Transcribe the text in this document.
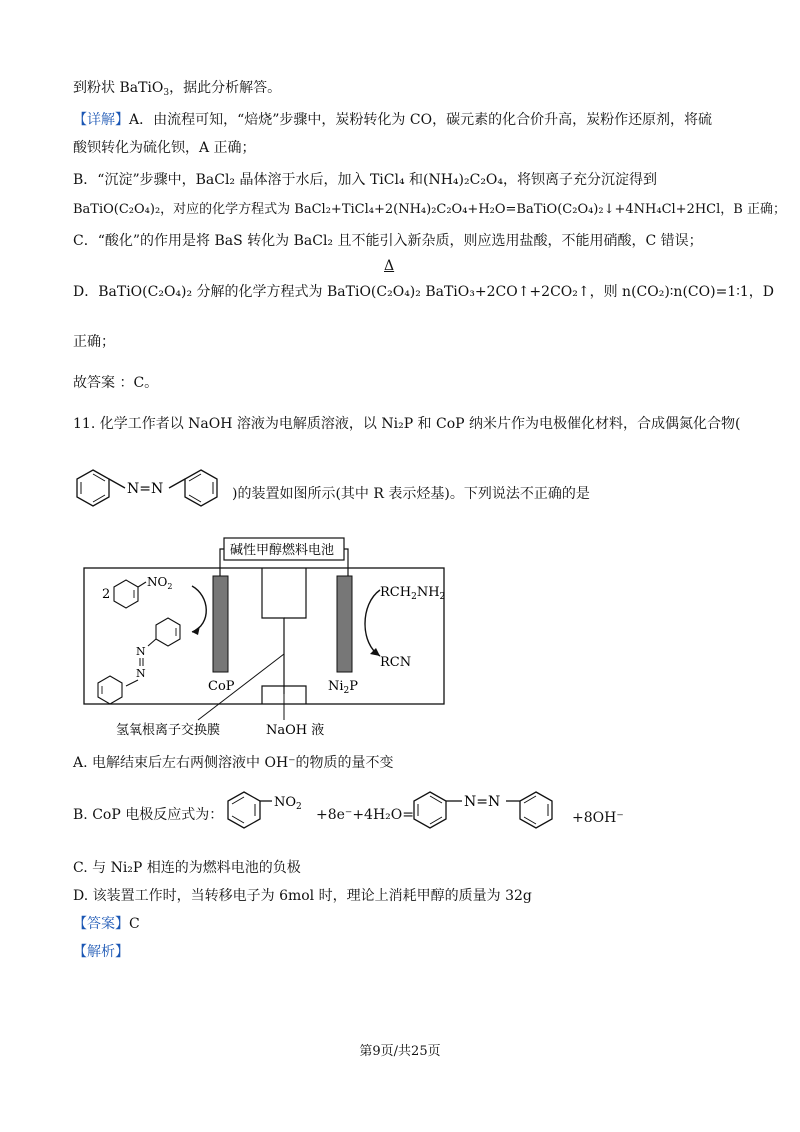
到粉状 BaTiO$_3$，据此分析解答。
【详解】A．由流程可知，“焙烧”步骤中，炭粉转化为 CO，碳元素的化合价升高，炭粉作还原剂，将硫
酸钡转化为硫化钡，A 正确；
B．“沉淀”步骤中，BaCl₂ 晶体溶于水后，加入 TiCl₄ 和(NH₄)₂C₂O₄，将钡离子充分沉淀得到
BaTiO(C₂O₄)₂，对应的化学方程式为 BaCl₂+TiCl₄+2(NH₄)₂C₂O₄+H₂O=BaTiO(C₂O₄)₂↓+4NH₄Cl+2HCl，B 正确；
C．“酸化”的作用是将 BaS 转化为 BaCl₂ 且不能引入新杂质，则应选用盐酸，不能用硝酸，C 错误；
Δ
D．BaTiO(C₂O₄)₂ 分解的化学方程式为 BaTiO(C₂O₄)₂ BaTiO₃+2CO↑+2CO₂↑，则 n(CO₂)∶n(CO)=1∶1，D
正确；
故答案 ：C。
11. 化学工作者以 NaOH 溶液为电解质溶液，以 Ni₂P 和 CoP 纳米片作为电极催化材料，合成偶氮化合物(
N=N	)的装置如图所示(其中 R 表示烃基)。下列说法不正确的是
碱性甲醇燃料电池
CoP	$Ni_2P$
2
$NO_2$
N
N
$RCH_2NH_2$
RCN
氢氧根离子交换膜	NaOH 液
A. 电解结束后左右两侧溶液中 OH⁻的物质的量不变
B. CoP 电极反应式为：
$NO_2 +8e^-+4H_2O=$
N=N
+8OH⁻
C. 与 Ni₂P 相连的为燃料电池的负极
D. 该装置工作时，当转移电子为 6mol 时，理论上消耗甲醇的质量为 32g
【答案】C
【解析】
第9页/共25页
